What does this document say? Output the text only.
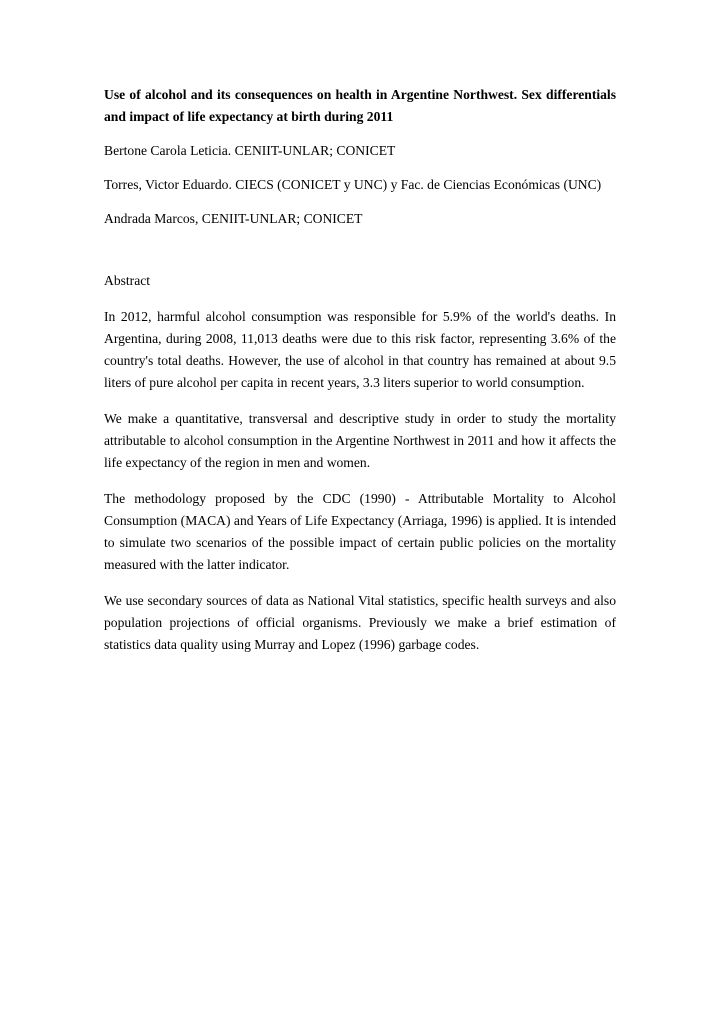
Use of alcohol and its consequences on health in Argentine Northwest. Sex differentials and impact of life expectancy at birth during 2011

Bertone Carola Leticia. CENIIT-UNLAR; CONICET

Torres, Victor Eduardo. CIECS (CONICET y UNC) y Fac. de Ciencias Económicas (UNC)

Andrada Marcos, CENIIT-UNLAR; CONICET

Abstract

In 2012, harmful alcohol consumption was responsible for 5.9% of the world's deaths. In Argentina, during 2008, 11,013 deaths were due to this risk factor, representing 3.6% of the country's total deaths. However, the use of alcohol in that country has remained at about 9.5 liters of pure alcohol per capita in recent years, 3.3 liters superior to world consumption.

We make a quantitative, transversal and descriptive study in order to study the mortality attributable to alcohol consumption in the Argentine Northwest in 2011 and how it affects the life expectancy of the region in men and women.

The methodology proposed by the CDC (1990) - Attributable Mortality to Alcohol Consumption (MACA) and Years of Life Expectancy (Arriaga, 1996) is applied. It is intended to simulate two scenarios of the possible impact of certain public policies on the mortality measured with the latter indicator.

We use secondary sources of data as National Vital statistics, specific health surveys and also population projections of official organisms. Previously we make a brief estimation of statistics data quality using Murray and Lopez (1996) garbage codes.
